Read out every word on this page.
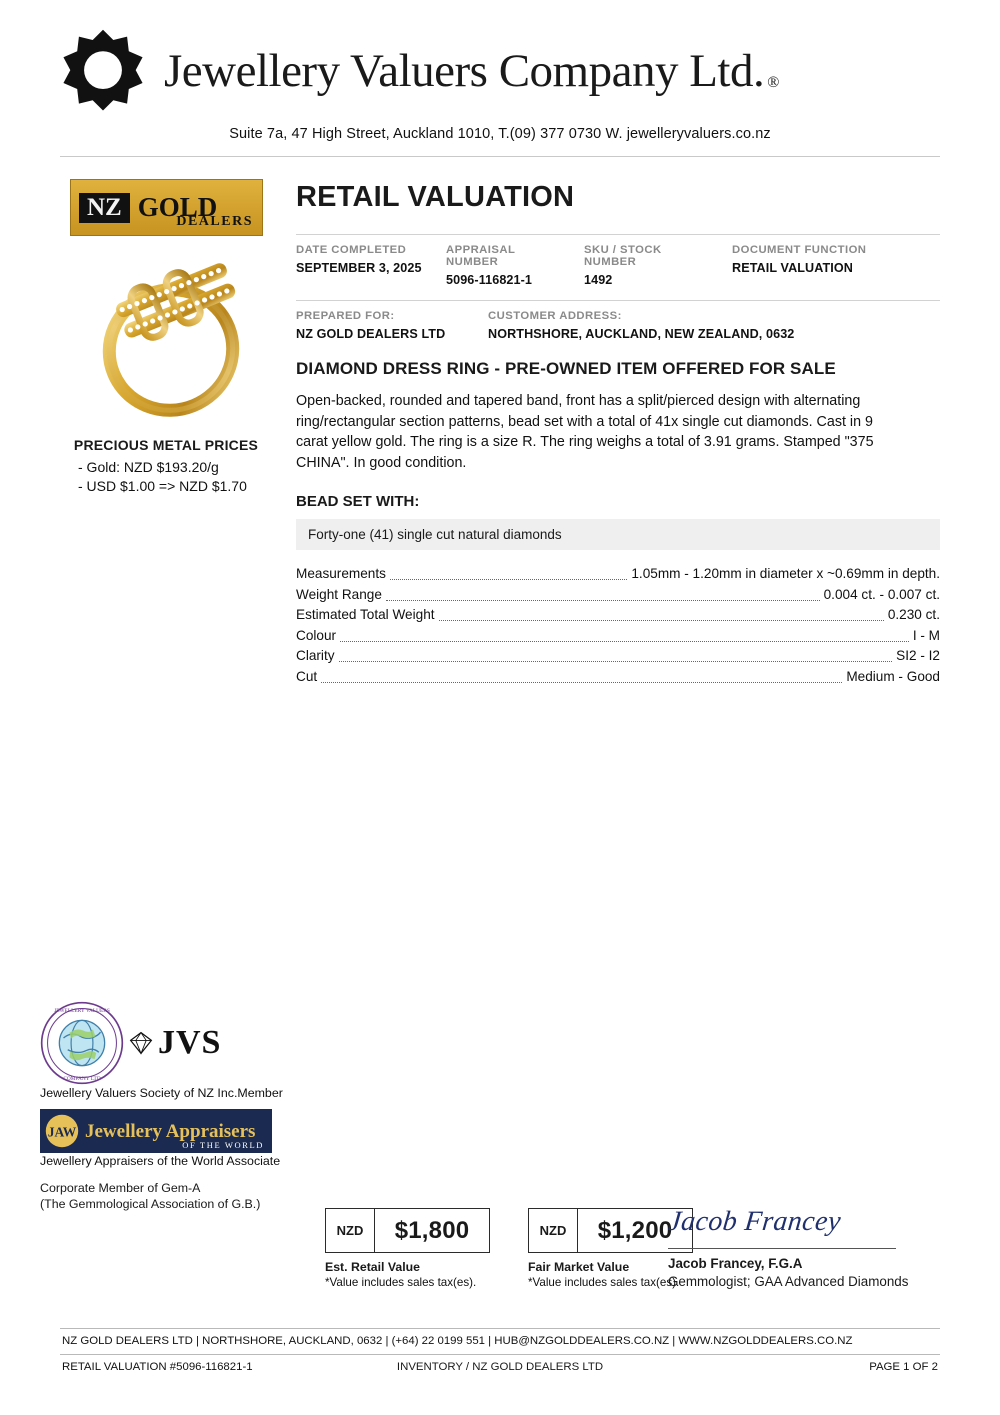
Jewellery Valuers Company Ltd. ®
Suite 7a, 47 High Street, Auckland 1010, T.(09) 377 0730 W. jewelleryvaluers.co.nz
NZ GOLD
DEALERS
PRECIOUS METAL PRICES
- Gold: NZD $193.20/g
- USD $1.00 => NZD $1.70
RETAIL VALUATION
DATE COMPLETED
SEPTEMBER 3, 2025
APPRAISAL NUMBER
5096-116821-1
SKU / STOCK NUMBER
1492
DOCUMENT FUNCTION
RETAIL VALUATION
PREPARED FOR:
NZ GOLD DEALERS LTD
CUSTOMER ADDRESS:
NORTHSHORE, AUCKLAND, NEW ZEALAND, 0632
DIAMOND DRESS RING - PRE-OWNED ITEM OFFERED FOR SALE

Open-backed, rounded and tapered band, front has a split/pierced design with alternating ring/rectangular section patterns, bead set with a total of 41x single cut diamonds. Cast in 9 carat yellow gold. The ring is a size R. The ring weighs a total of 3.91 grams. Stamped "375 CHINA". In good condition.

BEAD SET WITH:
Forty-one (41) single cut natural diamonds
Measurements	1.05mm - 1.20mm in diameter x ~0.69mm in depth.
Weight Range	0.004 ct. - 0.007 ct.
Estimated Total Weight	0.230 ct.
Colour	I - M
Clarity	SI2 - I2
Cut	Medium - Good
JEWELLERY VALUERS
COMPANY LTD
JVS
Jewellery Valuers Society of NZ Inc.Member
JAW Jewellery Appraisers
OF THE WORLD
Jewellery Appraisers of the World Associate
Corporate Member of Gem-A
(The Gemmological Association of G.B.)
NZD	$1,800
Est. Retail Value
*Value includes sales tax(es).
NZD	$1,200
Fair Market Value
*Value includes sales tax(es).
Jacob Francey
Jacob Francey, F.G.A
Gemmologist; GAA Advanced Diamonds
NZ GOLD DEALERS LTD | NORTHSHORE, AUCKLAND, 0632 | (+64) 22 0199 551 | HUB@NZGOLDDEALERS.CO.NZ | WWW.NZGOLDDEALERS.CO.NZ
RETAIL VALUATION #5096-116821-1	PAGE 1 OF 2
INVENTORY / NZ GOLD DEALERS LTD
